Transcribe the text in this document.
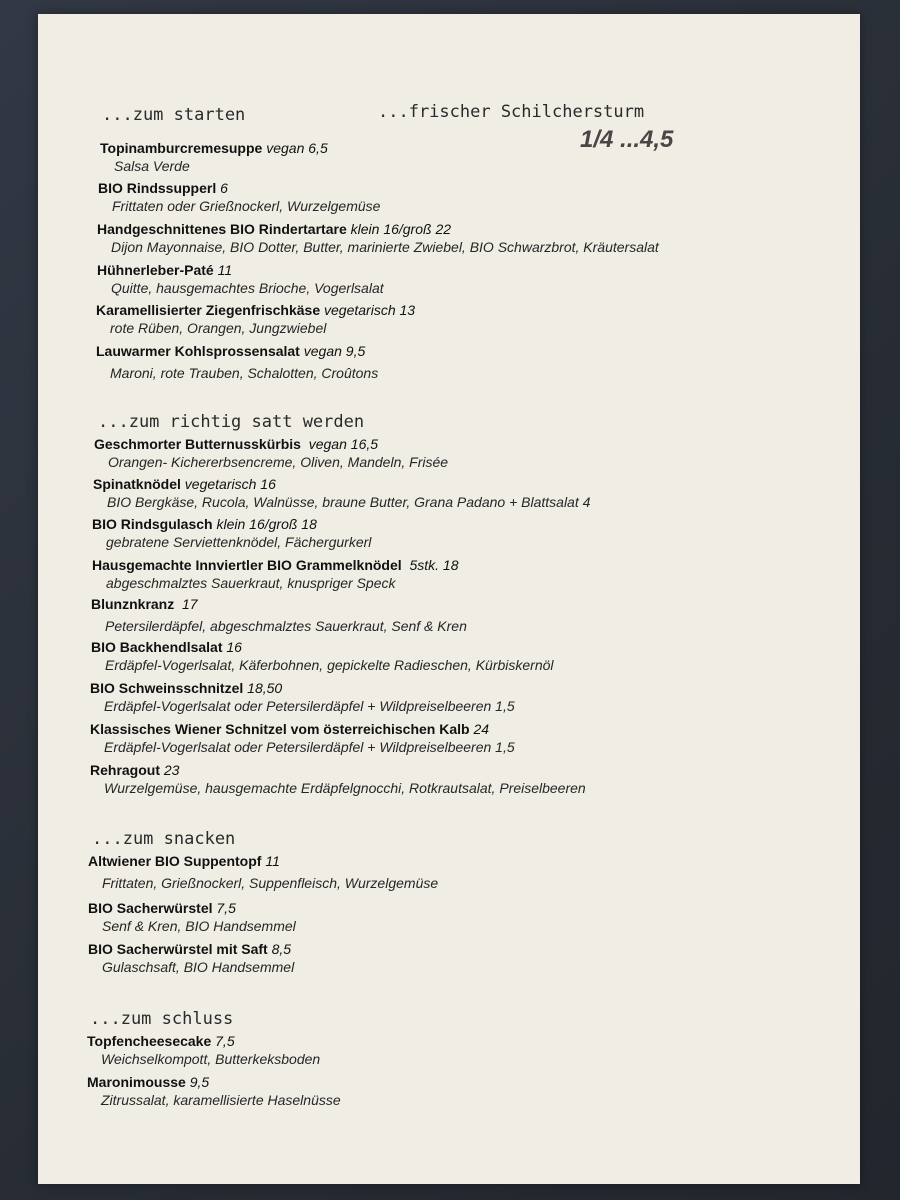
...zum starten	...frischer Schilchersturm
1/4 ...4,5
Topinamburcremesuppe vegan 6,5
Salsa Verde
BIO Rindssupperl 6
Frittaten oder Grießnockerl, Wurzelgemüse
Handgeschnittenes BIO Rindertartare klein 16/groß 22
Dijon Mayonnaise, BIO Dotter, Butter, marinierte Zwiebel, BIO Schwarzbrot, Kräutersalat
Hühnerleber-Paté 11
Quitte, hausgemachtes Brioche, Vogerlsalat
Karamellisierter Ziegenfrischkäse vegetarisch 13
rote Rüben, Orangen, Jungzwiebel
Lauwarmer Kohlsprossensalat vegan 9,5
Maroni, rote Trauben, Schalotten, Croûtons
...zum richtig satt werden
Geschmorter Butternusskürbis vegan 16,5
Orangen- Kichererbsencreme, Oliven, Mandeln, Frisée
Spinatknödel vegetarisch 16
BIO Bergkäse, Rucola, Walnüsse, braune Butter, Grana Padano + Blattsalat 4
BIO Rindsgulasch klein 16/groß 18
gebratene Serviettenknödel, Fächergurkerl
Hausgemachte Innviertler BIO Grammelknödel 5stk. 18
abgeschmalztes Sauerkraut, knuspriger Speck
Blunznkranz 17
Petersilerdäpfel, abgeschmalztes Sauerkraut, Senf & Kren
BIO Backhendlsalat 16
Erdäpfel-Vogerlsalat, Käferbohnen, gepickelte Radieschen, Kürbiskernöl
BIO Schweinsschnitzel 18,50
Erdäpfel-Vogerlsalat oder Petersilerdäpfel + Wildpreiselbeeren 1,5
Klassisches Wiener Schnitzel vom österreichischen Kalb 24
Erdäpfel-Vogerlsalat oder Petersilerdäpfel + Wildpreiselbeeren 1,5
Rehragout 23
Wurzelgemüse, hausgemachte Erdäpfelgnocchi, Rotkrautsalat, Preiselbeeren
...zum snacken
Altwiener BIO Suppentopf 11
Frittaten, Grießnockerl, Suppenfleisch, Wurzelgemüse
BIO Sacherwürstel 7,5
Senf & Kren, BIO Handsemmel
BIO Sacherwürstel mit Saft 8,5
Gulaschsaft, BIO Handsemmel
...zum schluss
Topfencheesecake 7,5
Weichselkompott, Butterkeksboden
Maronimousse 9,5
Zitrussalat, karamellisierte Haselnüsse
